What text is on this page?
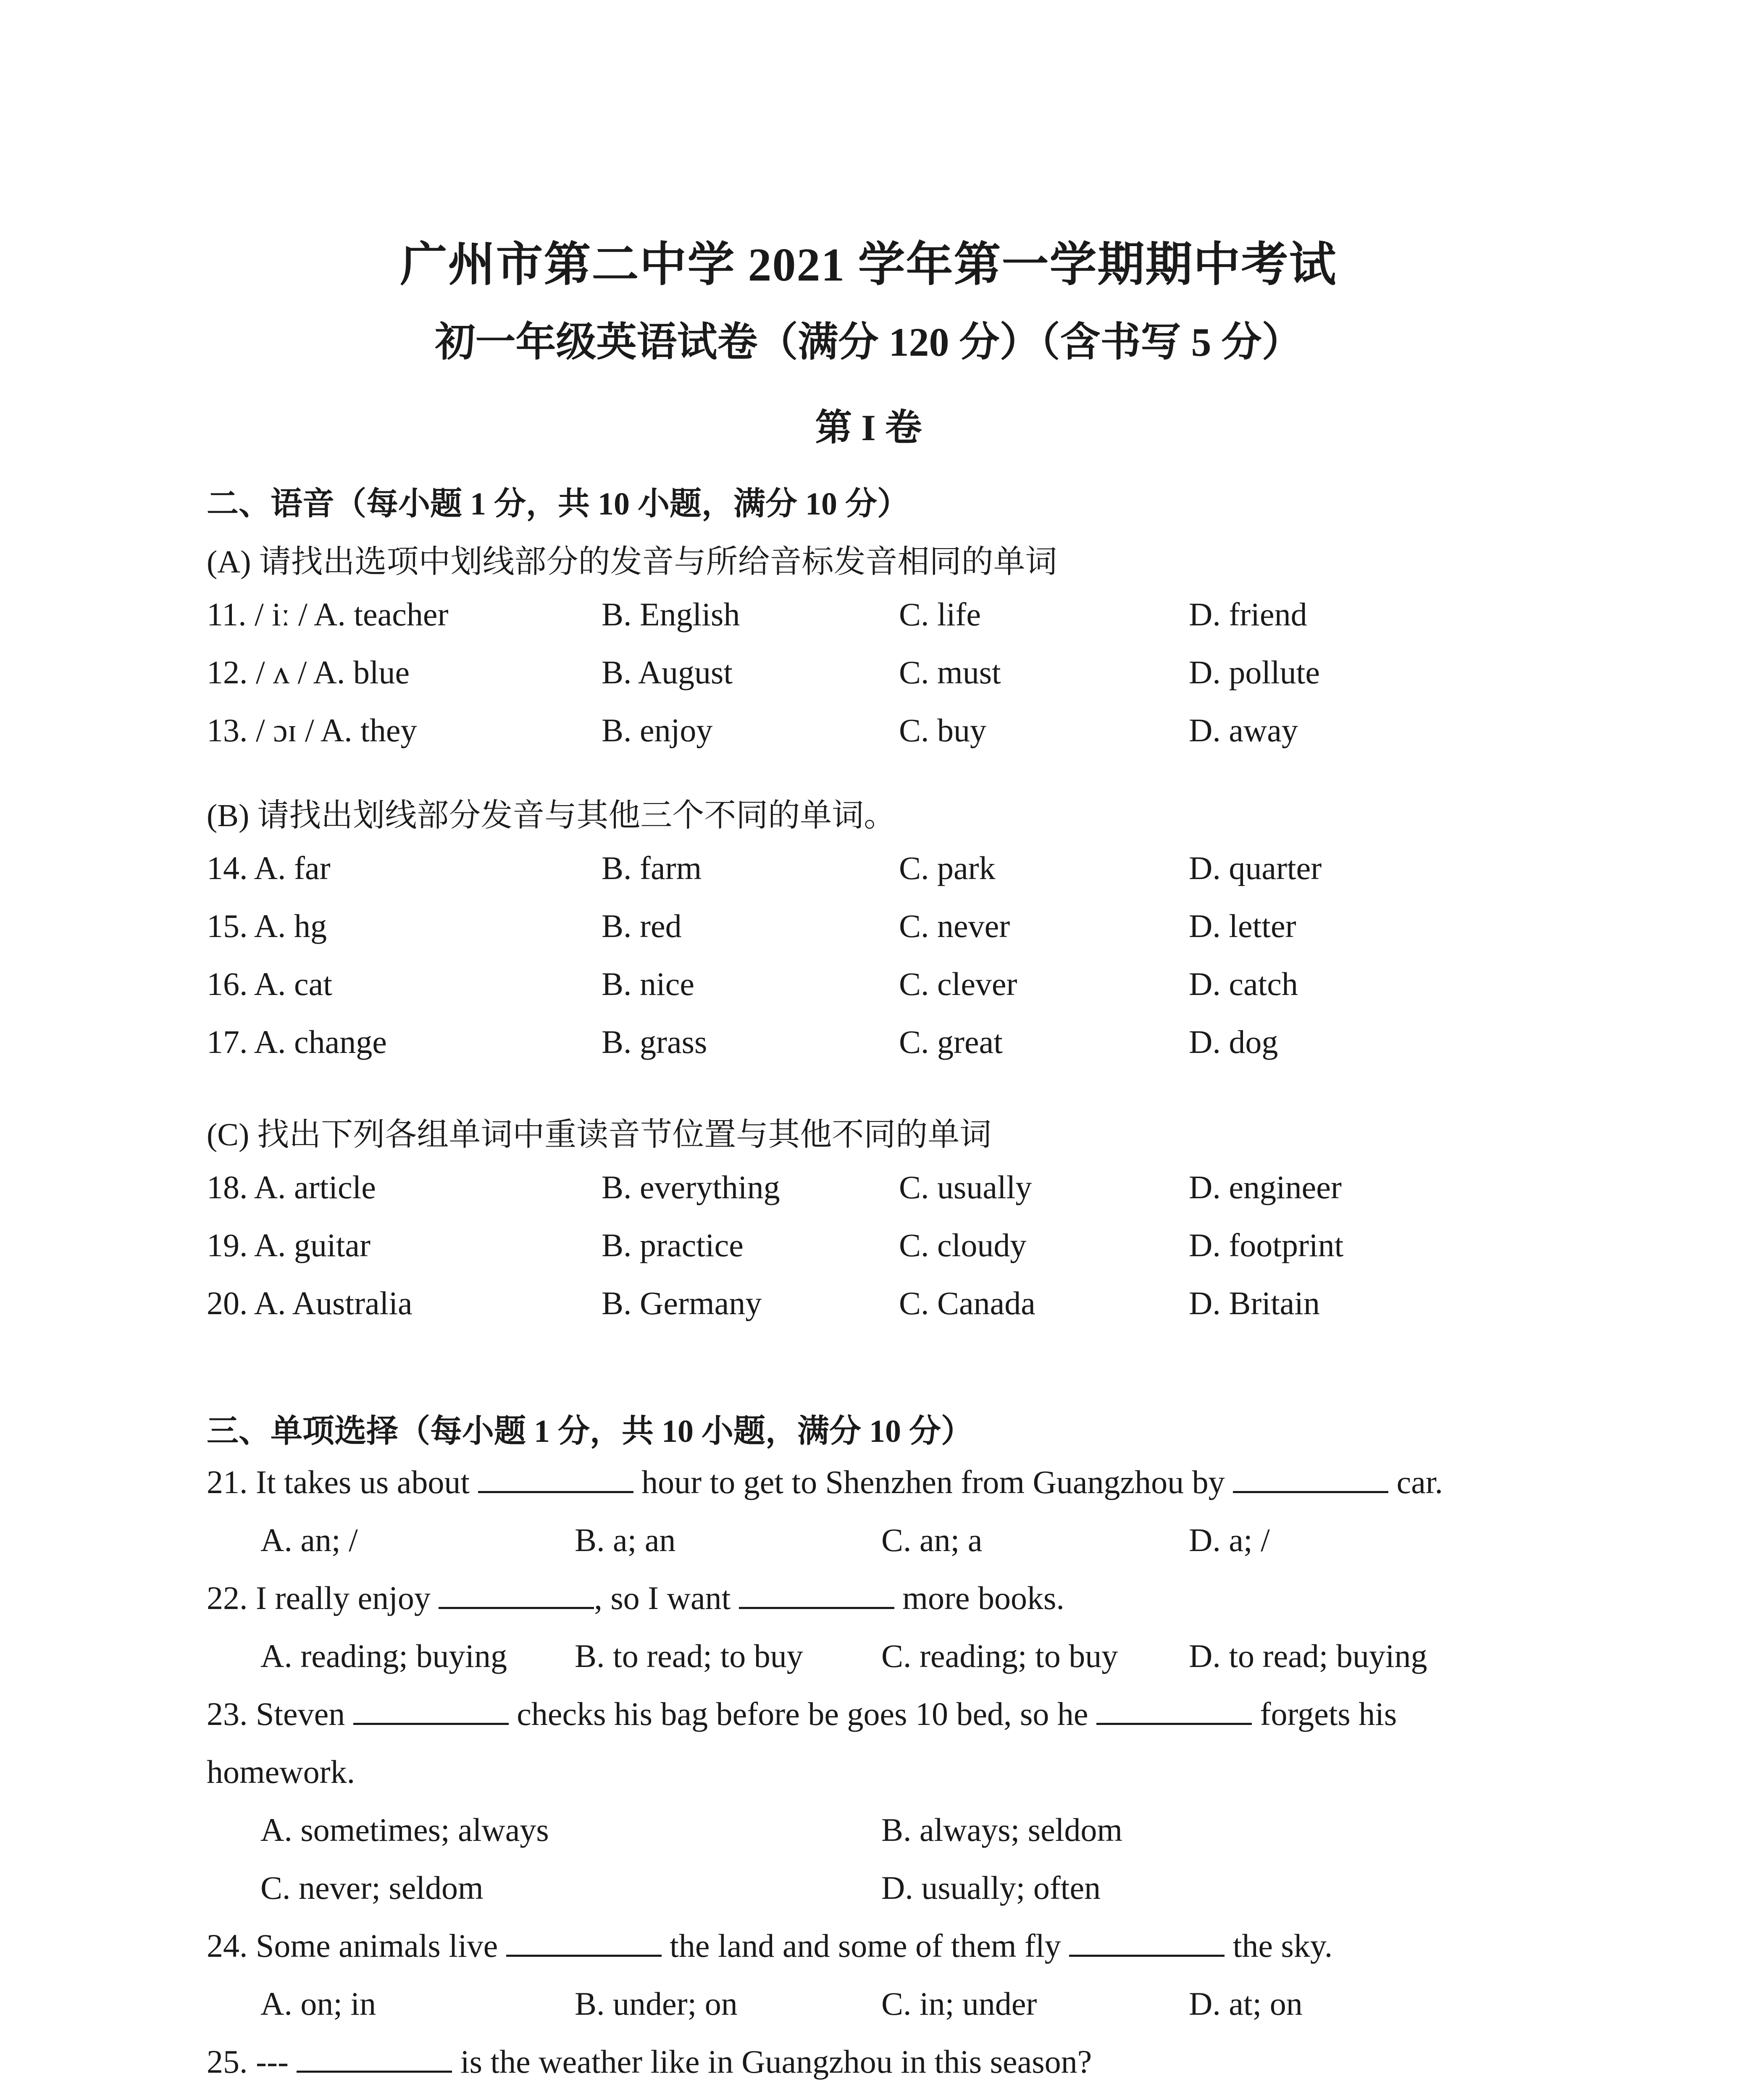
广州市第二中学 2021 学年第一学期期中考试
初一年级英语试卷（满分 120 分）（含书写 5 分）
第 I 卷
二、语音（每小题 1 分，共 10 小题，满分 10 分）
(A) 请找出选项中划线部分的发音与所给音标发音相同的单词
11. / iː / A. teacher	B. English	C. life	D. friend
12. / ʌ / A. blue	B. August	C. must	D. pollute
13. / ɔɪ / A. they	B. enjoy	C. buy	D. away
(B) 请找出划线部分发音与其他三个不同的单词。
14. A. far	B. farm	C. park	D. quarter
15. A. hg	B. red	C. never	D. letter
16. A. cat	B. nice	C. clever	D. catch
17. A. change	B. grass	C. great	D. dog
(C) 找出下列各组单词中重读音节位置与其他不同的单词
18. A. article	B. everything	C. usually	D. engineer
19. A. guitar	B. practice	C. cloudy	D. footprint
20. A. Australia	B. Germany	C. Canada	D. Britain
三、单项选择（每小题 1 分，共 10 小题，满分 10 分）
21. It takes us about	hour to get to Shenzhen from Guangzhou by	car.
A. an; /	B. a; an	C. an; a	D. a; /
22. I really enjoy	, so I want	more books.
A. reading; buying B. to read; to buy C. reading; to buy D. to read; buying
23. Steven	checks his bag before be goes 10 bed, so he	forgets his
homework.
A. sometimes; always	B. always; seldom
C. never; seldom	D. usually; often
24. Some animals live	the land and some of them fly	the sky.
A. on; in	B. under; on	C. in; under	D. at; on
25. ---	is the weather like in Guangzhou in this season?
